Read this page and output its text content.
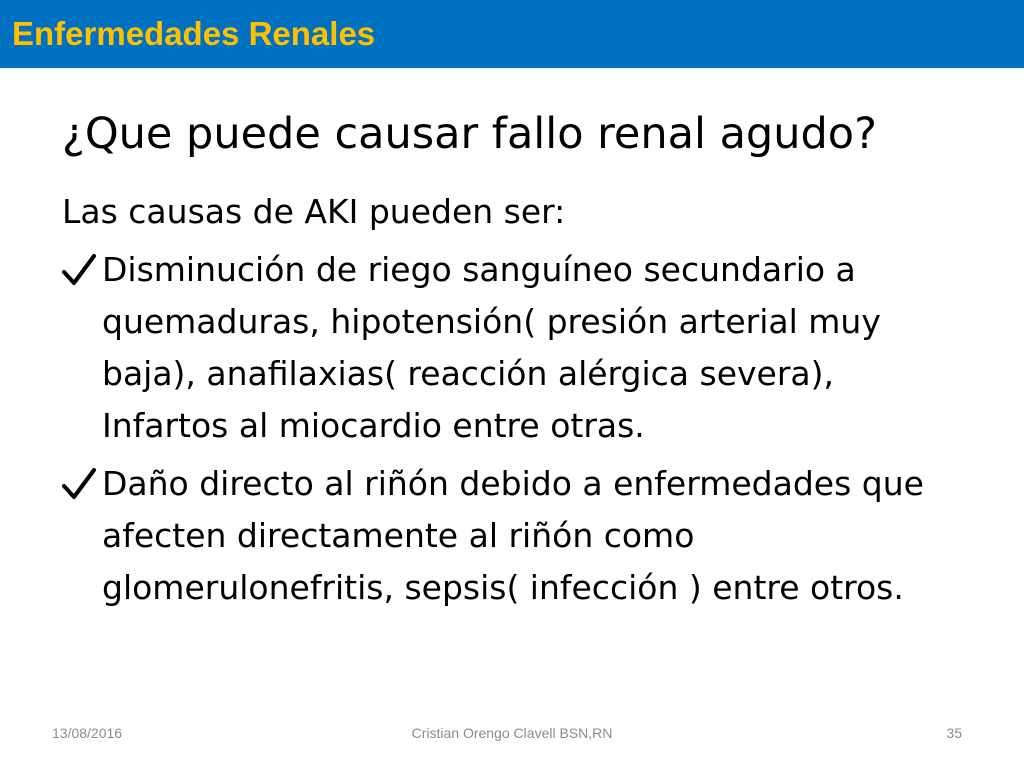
Enfermedades Renales
¿Que puede causar fallo renal agudo?
Las causas de AKI pueden ser:
Disminución de riego sanguíneo secundario a quemaduras, hipotensión( presión arterial muy baja), anafilaxias( reacción alérgica severa), Infartos al miocardio entre otras.
Daño directo al riñón debido a enfermedades que afecten directamente al riñón como glomerulonefritis, sepsis( infección ) entre otros.
13/08/2016	Cristian Orengo Clavell BSN,RN	35
